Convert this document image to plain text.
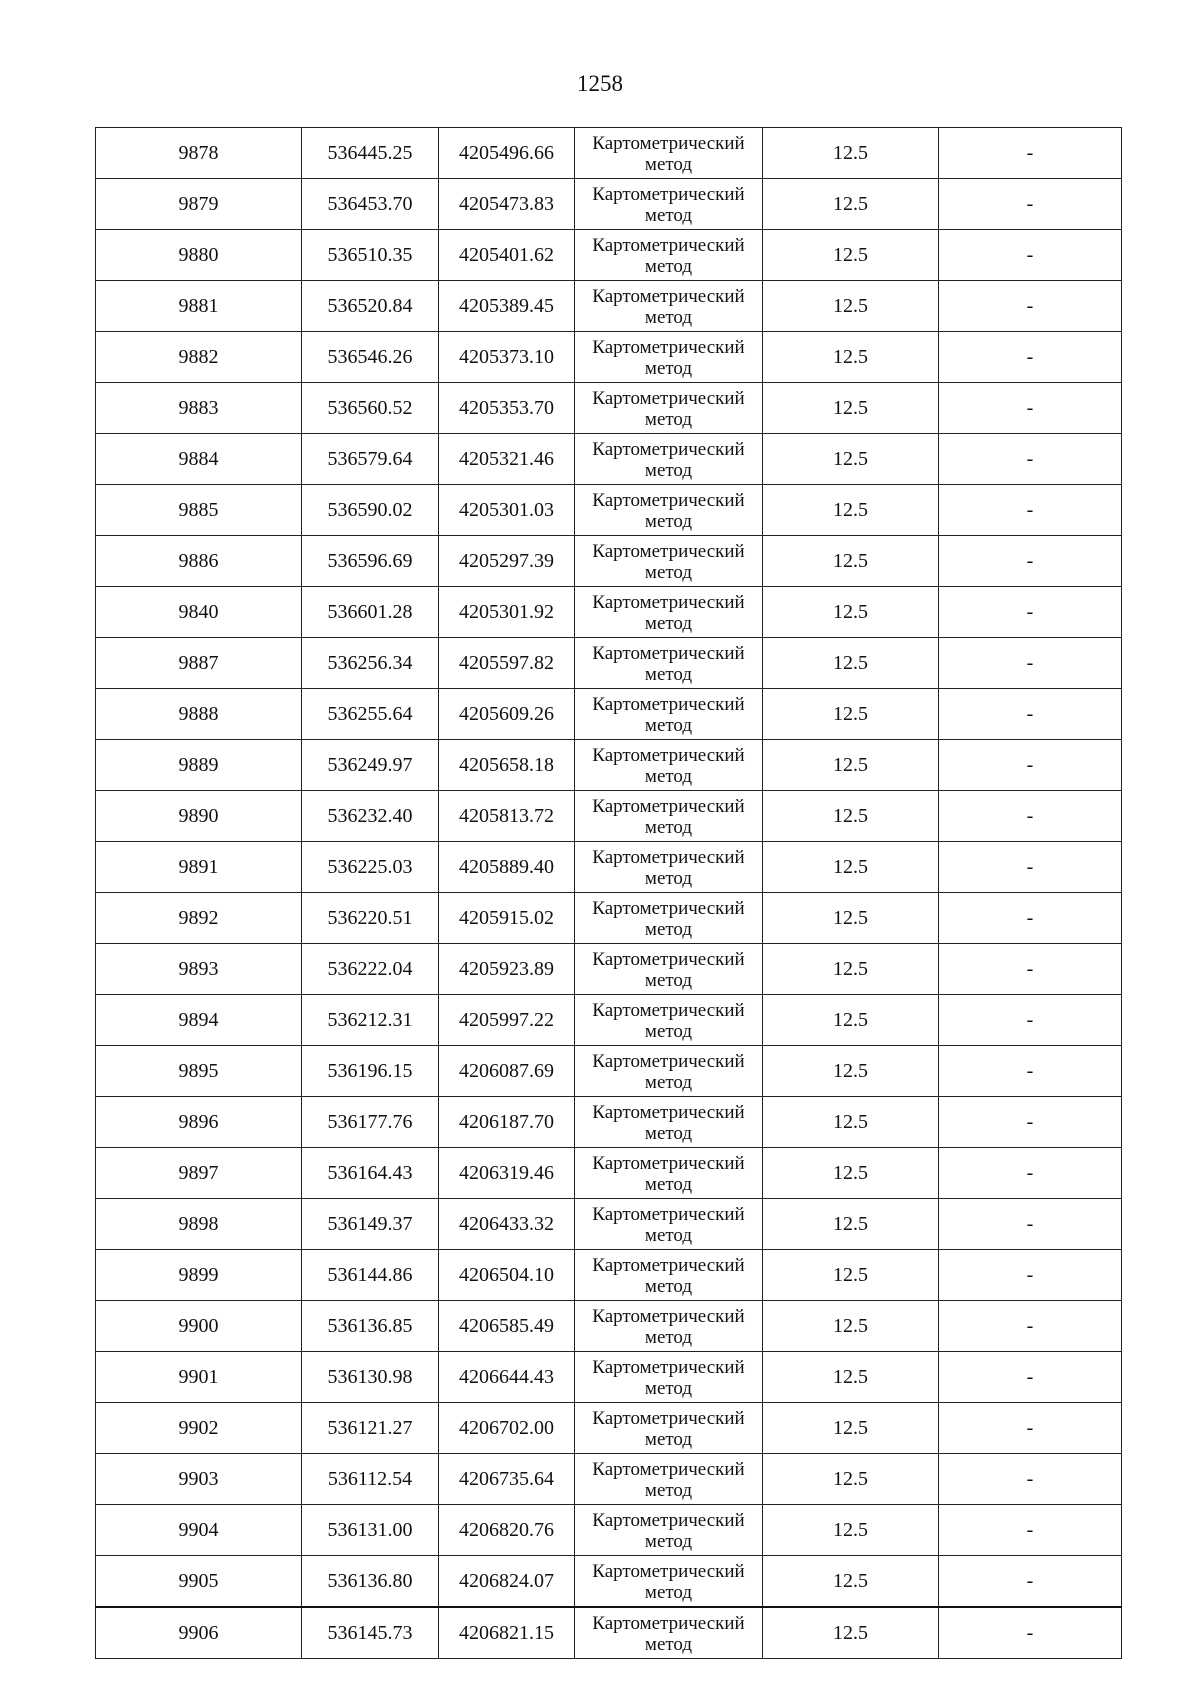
1258
9878	536445.25	4205496.66	Картометрический
метод	12.5	-
9879	536453.70	4205473.83	Картометрический
метод	12.5	-
9880	536510.35	4205401.62	Картометрический
метод	12.5	-
9881	536520.84	4205389.45	Картометрический
метод	12.5	-
9882	536546.26	4205373.10	Картометрический
метод	12.5	-
9883	536560.52	4205353.70	Картометрический
метод	12.5	-
9884	536579.64	4205321.46	Картометрический
метод	12.5	-
9885	536590.02	4205301.03	Картометрический
метод	12.5	-
9886	536596.69	4205297.39	Картометрический
метод	12.5	-
9840	536601.28	4205301.92	Картометрический
метод	12.5	-
9887	536256.34	4205597.82	Картометрический
метод	12.5	-
9888	536255.64	4205609.26	Картометрический
метод	12.5	-
9889	536249.97	4205658.18	Картометрический
метод	12.5	-
9890	536232.40	4205813.72	Картометрический
метод	12.5	-
9891	536225.03	4205889.40	Картометрический
метод	12.5	-
9892	536220.51	4205915.02	Картометрический
метод	12.5	-
9893	536222.04	4205923.89	Картометрический
метод	12.5	-
9894	536212.31	4205997.22	Картометрический
метод	12.5	-
9895	536196.15	4206087.69	Картометрический
метод	12.5	-
9896	536177.76	4206187.70	Картометрический
метод	12.5	-
9897	536164.43	4206319.46	Картометрический
метод	12.5	-
9898	536149.37	4206433.32	Картометрический
метод	12.5	-
9899	536144.86	4206504.10	Картометрический
метод	12.5	-
9900	536136.85	4206585.49	Картометрический
метод	12.5	-
9901	536130.98	4206644.43	Картометрический
метод	12.5	-
9902	536121.27	4206702.00	Картометрический
метод	12.5	-
9903	536112.54	4206735.64	Картометрический
метод	12.5	-
9904	536131.00	4206820.76	Картометрический
метод	12.5	-
9905	536136.80	4206824.07	Картометрический
метод	12.5	-
9906	536145.73	4206821.15	Картометрический
метод	12.5	-
